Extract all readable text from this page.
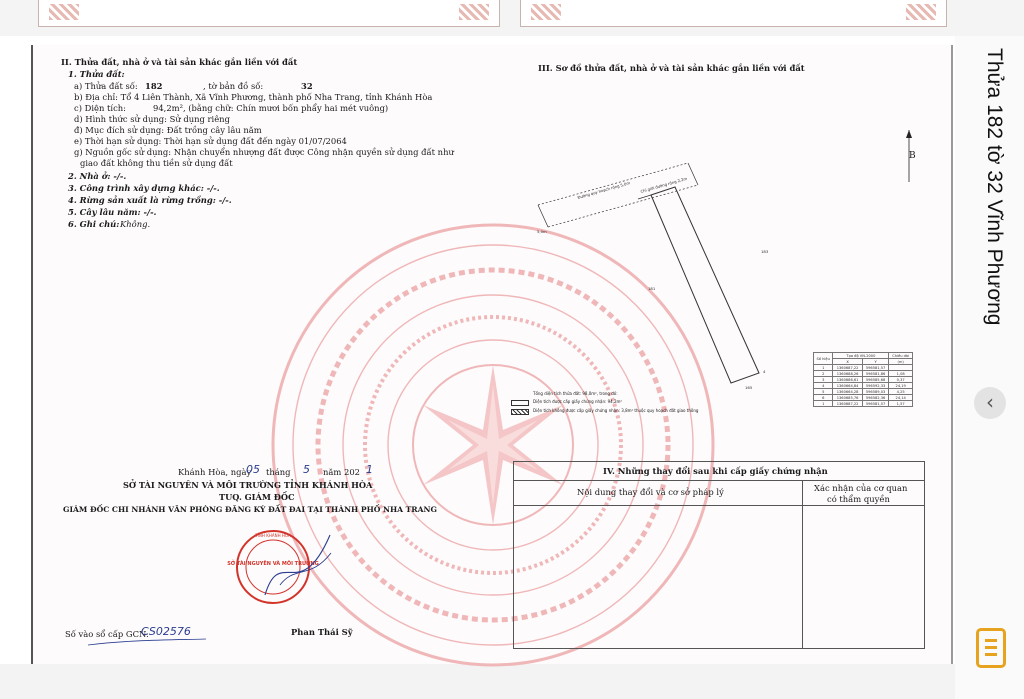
Thửa 182 tờ 32 Vĩnh Phương
‹
II. Thửa đất, nhà ở và tài sản khác gắn liền với đất
1. Thửa đất:
a) Thửa đất số: 182	, tờ bản đồ số:	32
b) Địa chỉ: Tổ 4 Liên Thành, Xã Vĩnh Phương, thành phố Nha Trang, tỉnh Khánh Hòa
c) Diện tích:	94,2m², (bằng chữ: Chín mươi bốn phẩy hai mét vuông)
d) Hình thức sử dụng: Sử dụng riêng
đ) Mục đích sử dụng: Đất trồng cây lâu năm
e) Thời hạn sử dụng: Thời hạn sử dụng đất đến ngày 01/07/2064
g) Nguồn gốc sử dụng: Nhận chuyển nhượng đất được Công nhận quyền sử dụng đất như
giao đất không thu tiền sử dụng đất
2. Nhà ở: -/-.
3. Công trình xây dựng khác: -/-.
4. Rừng sản xuất là rừng trồng: -/-.
5. Cây lâu năm: -/-.
6. Ghi chú: Không.
III. Sơ đồ thửa đất, nhà ở và tài sản khác gắn liền với đất
B
Đường quy hoạch rộng 5,0m Chỉ giới đường rộng 2,2m
5,0m
183
181
165
4
Tổng diện tích thửa đất: 98,0m², trong đó:
Diện tích được cấp giấy chứng nhận: 94,2m²
Diện tích không được cấp giấy chứng nhận: 3,8m² thuộc quy hoạch đất giao thông
Số hiệu	Tọa độ VN-2000		Chiều dài
	X	Y	(m)
1	1360687,22	596581,57	
2	1360688,26	596581,86	1,08
3	1360686,61	596585,68	0,37
4	1360664,84	596592,33	24,19
5	1360664,28	596589,03	4,25
6	1360685,76	596582,36	24,14
1	1360687,22	596581,57	1,57
Khánh Hòa, ngày
05 tháng 5 năm 202 1
SỞ TÀI NGUYÊN VÀ MÔI TRƯỜNG TỈNH KHÁNH HÒA
TUQ. GIÁM ĐỐC
GIÁM ĐỐC CHI NHÁNH VĂN PHÒNG ĐĂNG KÝ ĐẤT ĐAI TẠI THÀNH PHỐ NHA TRANG
TỈNH KHÁNH HÒA
SỞ TÀI NGUYÊN VÀ MÔI TRƯỜNG
Phan Thái Sỹ
Số vào sổ cấp GCN:
CS02576
IV. Những thay đổi sau khi cấp giấy chứng nhận
Nội dung thay đổi và cơ sở pháp lý	Xác nhận của cơ quan
có thẩm quyền
